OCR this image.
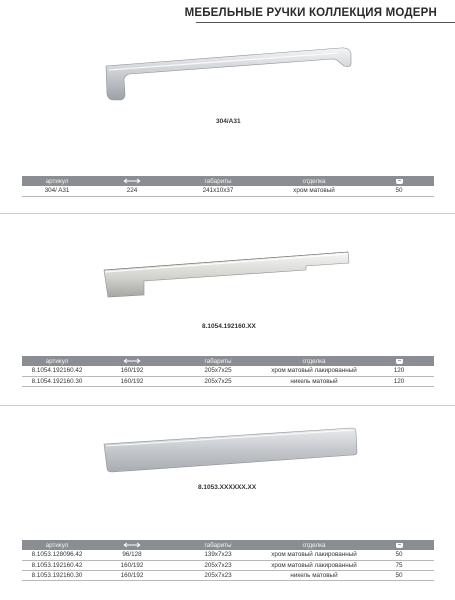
МЕБЕЛЬНЫЕ РУЧКИ КОЛЛЕКЦИЯ МОДЕРН
304/A31
артикул		габариты	отделка	

304/ A31	224	241x10x37	хром матовый	50
8.1054.192160.XX
артикул		габариты	отделка	

8.1054.192160.42	160/192	205x7x25	хром матовый лакированный	120
8.1054.192160.30	160/192	205x7x25	никель матовый	120
8.1053.XXXXXX.XX
артикул		габариты	отделка	

8.1053.128096.42	96/128	139x7x23	хром матовый лакированный	50
8.1053.192160.42	160/192	205x7x23	хром матовый лакированный	75
8.1053.192160.30	160/192	205x7x23	никель матовый	50
